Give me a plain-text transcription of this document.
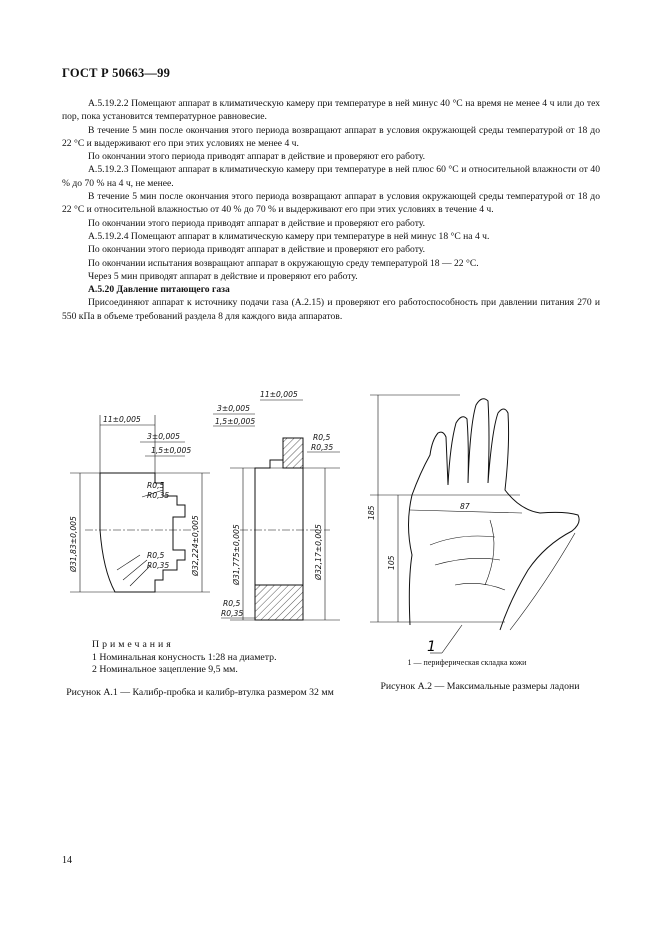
ГОСТ Р 50663—99

А.5.19.2.2 Помещают аппарат в климатическую камеру при температуре в ней минус 40 °С на время не менее 4 ч или до тех пор, пока установится температурное равновесие.

В течение 5 мин после окончания этого периода возвращают аппарат в условия окружающей среды температурой от 18 до 22 °С и выдерживают его при этих условиях не менее 4 ч.

По окончании этого периода приводят аппарат в действие и проверяют его работу.

А.5.19.2.3 Помещают аппарат в климатическую камеру при температуре в ней плюс 60 °С и относительной влажности от 40 % до 70 % на 4 ч, не менее.

В течение 5 мин после окончания этого периода возвращают аппарат в условия окружающей среды температурой от 18 до 22 °С и относительной влажностью от 40 % до 70 % и выдерживают его при этих условиях в течение 4 ч.

По окончании этого периода приводят аппарат в действие и проверяют его работу.

А.5.19.2.4 Помещают аппарат в климатическую камеру при температуре в ней минус 18 °С на 4 ч.

По окончании этого периода приводят аппарат в действие и проверяют его работу.

По окончании испытания возвращают аппарат в окружающую среду температурой 18 — 22 °С.

Через 5 мин приводят аппарат в действие и проверяют его работу.

А.5.20 Давление питающего газа

Присоединяют аппарат к источнику подачи газа (А.2.15) и проверяют его работоспособность при давлении питания 270 и 550 кПа в объеме требований раздела 8 для каждого вида аппаратов.

11±0,005
3±0,005
1,5±0,005
R0,5
R0,35
R0,5
R0,35
Ø31,83±0,005	Ø32,224±0,005
11±0,005
3±0,005
1,5±0,005
R0,5
R0,35
R0,5
R0,35
Ø31,775±0,005	Ø32,17±0,005
Примечания
1 Номинальная конусность 1:28 на диаметр.
2 Номинальное зацепление 9,5 мм.
Рисунок А.1 — Калибр-пробка и калибр-втулка размером 32 мм
185
105
87
1
1 — периферическая складка кожи
Рисунок А.2 — Максимальные размеры ладони
14
